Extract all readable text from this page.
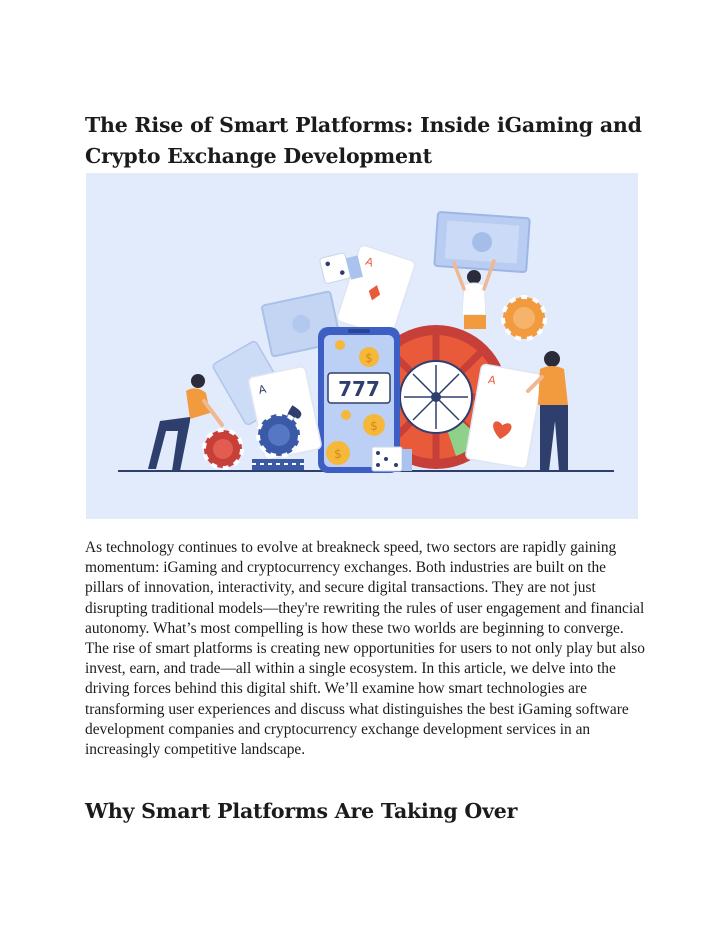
The Rise of Smart Platforms: Inside iGaming and Crypto Exchange Development
A
777
$
$
$
A
A

As technology continues to evolve at breakneck speed, two sectors are rapidly gaining momentum: iGaming and cryptocurrency exchanges. Both industries are built on the pillars of innovation, interactivity, and secure digital transactions. They are not just disrupting traditional models—they're rewriting the rules of user engagement and financial autonomy. What’s most compelling is how these two worlds are beginning to converge. The rise of smart platforms is creating new opportunities for users to not only play but also invest, earn, and trade—all within a single ecosystem. In this article, we delve into the driving forces behind this digital shift. We’ll examine how smart technologies are transforming user experiences and discuss what distinguishes the best iGaming software development companies and cryptocurrency exchange development services in an increasingly competitive landscape.

Why Smart Platforms Are Taking Over
